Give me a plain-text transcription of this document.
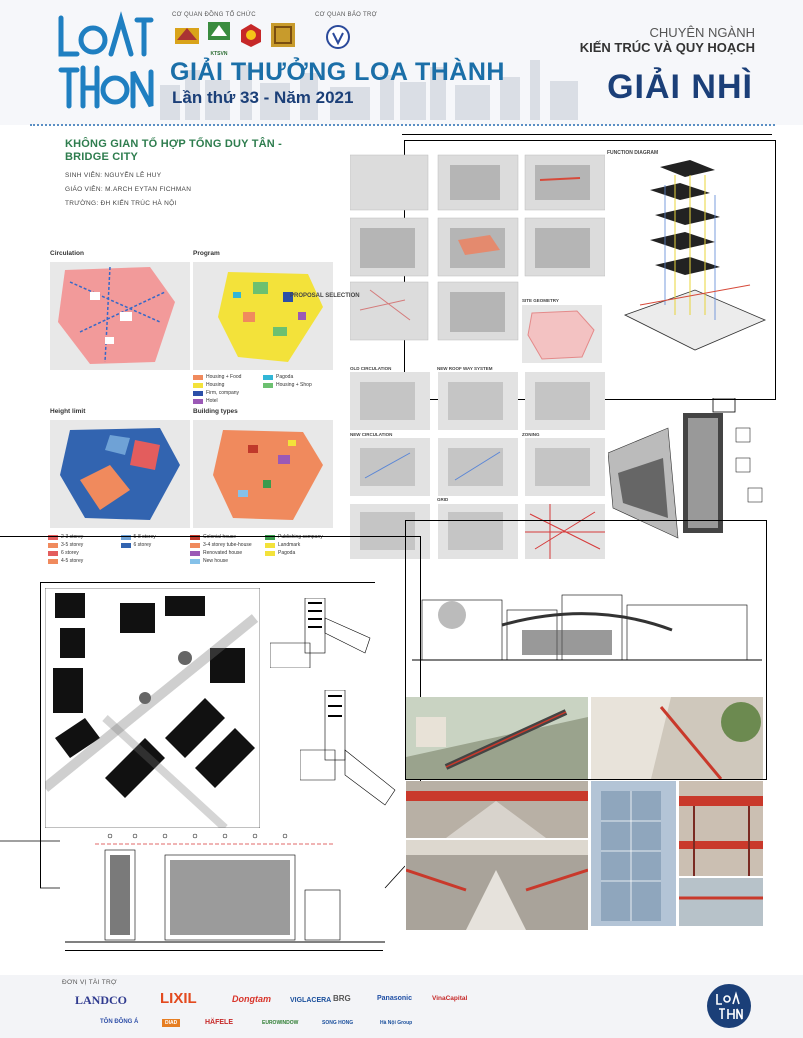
CƠ QUAN ĐỒNG TỔ CHỨC
KTSVN
CƠ QUAN BẢO TRỢ
GIẢI THƯỞNG LOA THÀNH
Lần thứ 33 - Năm 2021
CHUYÊN NGÀNH
KIẾN TRÚC VÀ QUY HOẠCH
GIẢI NHÌ
KHÔNG GIAN TỔ HỢP TỐNG DUY TÂN - BRIDGE CITY
SINH VIÊN: NGUYỄN LÊ HUY
GIÁO VIÊN: M.ARCH EYTAN FICHMAN
TRƯỜNG: ĐH KIẾN TRÚC HÀ NỘI
Circulation	Program
Housing + Food	Pagoda
Housing	Housing + Shop
Firm, company
Hotel
Height limit	Building types
2-3 storey	5-8 storey
3-5 storey	6 storey
6 storey
4-5 storey
Colonial house	Publishing company
3-4 storey tube-house	Landmark
Renovated house	Pagoda
New house
PROPOSAL SELECTION
FUNCTION DIAGRAM
SITE GEOMETRY
OLD CIRCULATION	NEW ROOF WAY SYSTEM
NEW CIRCULATION	ZONING
GRID
ĐƠN VỊ TÀI TRỢ
LANDCO LIXIL	Dongtam	VIGLACERA BRG	Panasonic	VinaCapital
TÔN ĐÔNG Á	DIAD	HÄFELE	EUROWINDOW	SONG HONG	Hà Nội Group
